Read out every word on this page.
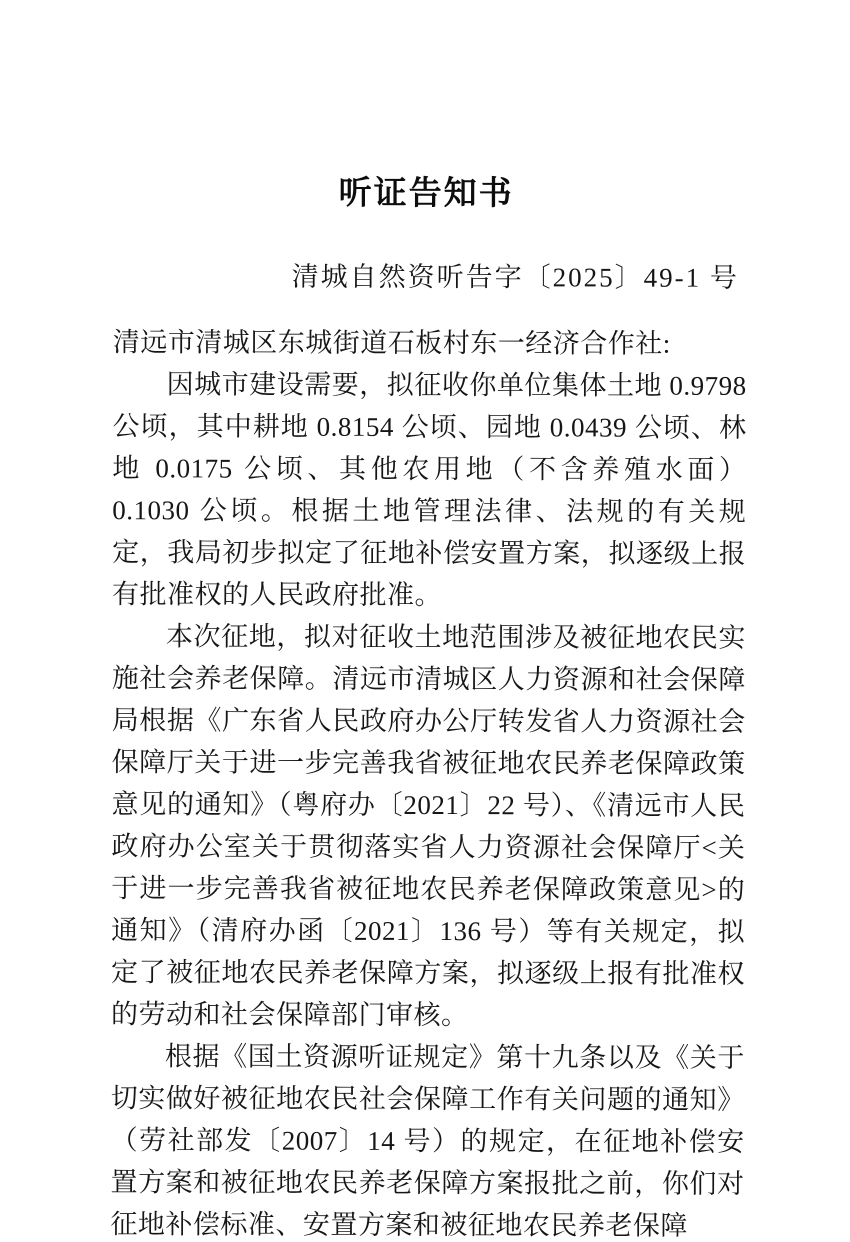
听证告知书
清城自然资听告字〔2025〕49-1 号

清远市清城区东城街道石板村东一经济合作社:

因城市建设需要，拟征收你单位集体土地 0.9798 公顷，其中耕地 0.8154 公顷、园地 0.0439 公顷、林地 0.0175 公顷、其他农用地（不含养殖水面）0.1030 公顷。根据土地管理法律、法规的有关规定，我局初步拟定了征地补偿安置方案，拟逐级上报有批准权的人民政府批准。

本次征地，拟对征收土地范围涉及被征地农民实施社会养老保障。清远市清城区人力资源和社会保障局根据《广东省人民政府办公厅转发省人力资源社会保障厅关于进一步完善我省被征地农民养老保障政策意见的通知》（粤府办〔2021〕22 号）、《清远市人民政府办公室关于贯彻落实省人力资源社会保障厅<关于进一步完善我省被征地农民养老保障政策意见>的通知》（清府办函〔2021〕136 号）等有关规定，拟定了被征地农民养老保障方案，拟逐级上报有批准权的劳动和社会保障部门审核。

根据《国土资源听证规定》第十九条以及《关于切实做好被征地农民社会保障工作有关问题的通知》（劳社部发〔2007〕14 号）的规定，在征地补偿安置方案和被征地农民养老保障方案报批之前，你们对征地补偿标准、安置方案和被征地农民养老保障
